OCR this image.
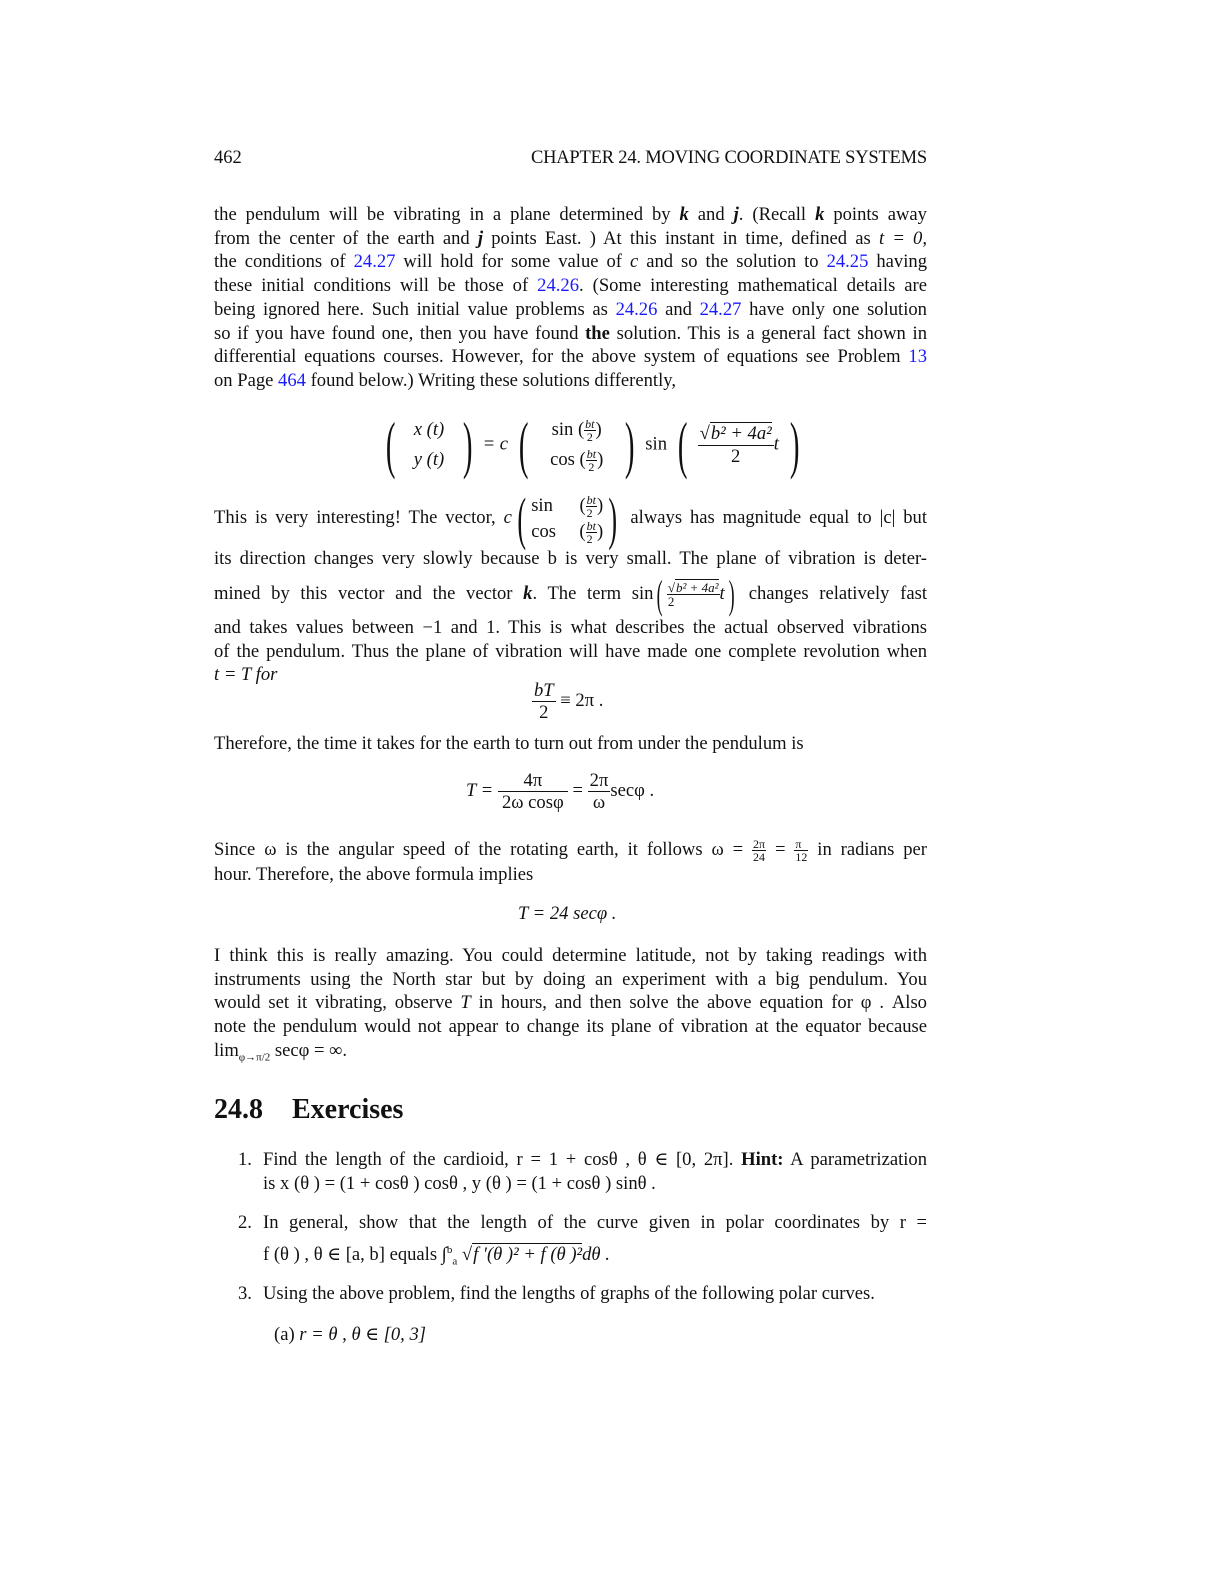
462	CHAPTER 24. MOVING COORDINATE SYSTEMS
the pendulum will be vibrating in a plane determined by k and j. (Recall k points away
from the center of the earth and j points East. ) At this instant in time, defined as t = 0,
the conditions of 24.27 will hold for some value of c and so the solution to 24.25 having
these initial conditions will be those of 24.26. (Some interesting mathematical details are
being ignored here. Such initial value problems as 24.26 and 24.27 have only one solution
so if you have found one, then you have found the solution. This is a general fact shown in
differential equations courses. However, for the above system of equations see Problem 13
on Page 464 found below.) Writing these solutions differently,
( x (t)
y (t) ) = c (	sin ( $\frac{bt}{2}$ )
cos ( $\frac{bt}{2}$ ) ) sin ( $\frac{\text{√b² + 4a²}}{2}$ t )
This is very interesting! The vector, c( sin ( $\frac{bt}{2}$ )
cos ( $\frac{bt}{2}$ ) ) always has magnitude equal to |c| but
its direction changes very slowly because b is very small. The plane of vibration is deter-
mined by this vector and the vector k. The term $\sin( \frac{\text{√b² + 4a²}}{2} t)$ changes relatively fast
and takes values between −1 and 1. This is what describes the actual observed vibrations
of the pendulum. Thus the plane of vibration will have made one complete revolution when
t = T for
$\frac{bT}{2} \equiv 2\pi$ .
Therefore, the time it takes for the earth to turn out from under the pendulum is
$T = \frac{4\pi}{\text{2ω cosφ}} = \frac{2\pi}{\omega}$ secφ .
Since ω is the angular speed of the rotating earth, it follows $\omega = \frac{2\pi}{24} = \frac{\pi}{12}$ in radians per
hour. Therefore, the above formula implies
T = 24 secφ .
I think this is really amazing. You could determine latitude, not by taking readings with
instruments using the North star but by doing an experiment with a big pendulum. You
would set it vibrating, observe T in hours, and then solve the above equation for φ . Also
note the pendulum would not appear to change its plane of vibration at the equator because
$\lim_{\varphi\to\pi/2} \sec\varphi$ = ∞.
24.8 Exercises
1. Find the length of the cardioid, r = 1 + cosθ , θ ∈ [0, 2π]. Hint: A parametrization
is x (θ ) = (1 + cosθ ) cosθ , y (θ ) = (1 + cosθ ) sinθ .
2. In general, show that the length of the curve given in polar coordinates by r =
f (θ ) , θ ∈ [a, b] equals ∫$^b_a$ √f ′(θ )² + f (θ )²dθ .
3. Using the above problem, find the lengths of graphs of the following polar curves.
(a) r = θ , θ ∈ [0, 3]
